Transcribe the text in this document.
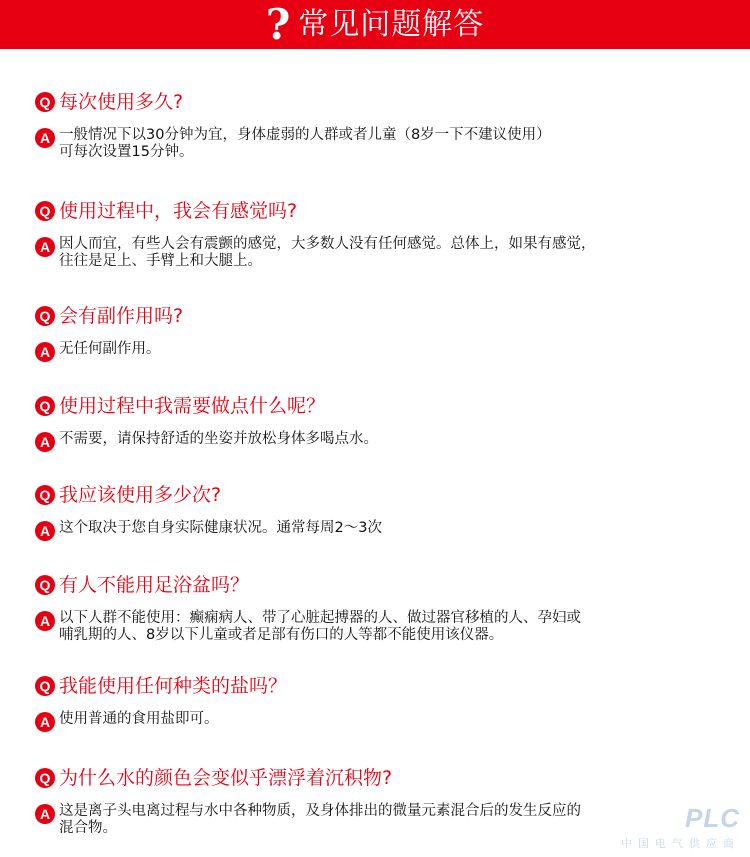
? 常见问题解答
Q 每次使用多久?
A 一般情况下以30分钟为宜，身体虚弱的人群或者儿童（8岁一下不建议使用）
可每次设置15分钟。
Q 使用过程中，我会有感觉吗?
A 因人而宜，有些人会有震颤的感觉，大多数人没有任何感觉。总体上，如果有感觉，
往往是足上、手臂上和大腿上。
Q 会有副作用吗?
A 无任何副作用。
Q 使用过程中我需要做点什么呢？
A 不需要，请保持舒适的坐姿并放松身体多喝点水。
Q 我应该使用多少次?
A 这个取决于您自身实际健康状况。通常每周2～3次
Q 有人不能用足浴盆吗？
A 以下人群不能使用：癫痫病人、带了心脏起搏器的人、做过器官移植的人、孕妇或
哺乳期的人、8岁以下儿童或者足部有伤口的人等都不能使用该仪器。
Q 我能使用任何种类的盐吗？
A 使用普通的食用盐即可。
Q 为什么水的颜色会变似乎漂浮着沉积物?
A 这是离子头电离过程与水中各种物质，及身体排出的微量元素混合后的发生反应的
混合物。	PLC
中国电气供应商
